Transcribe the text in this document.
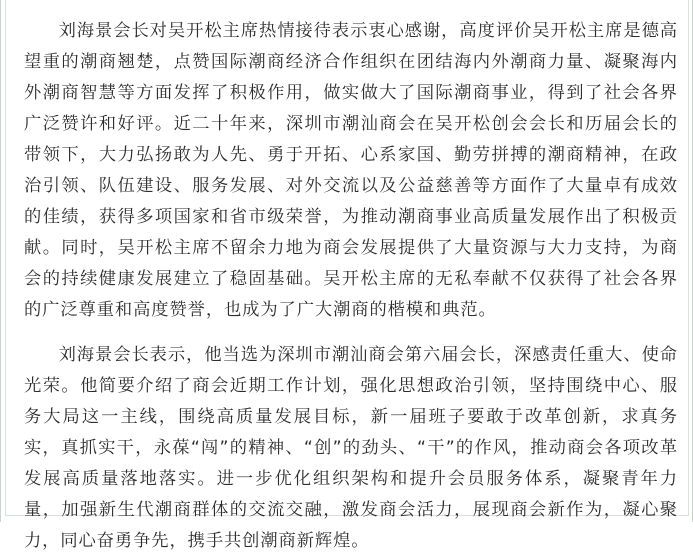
刘海景会长对吴开松主席热情接待表示衷心感谢，高度评价吴开松主席是德高望重的潮商翘楚，点赞国际潮商经济合作组织在团结海内外潮商力量、凝聚海内外潮商智慧等方面发挥了积极作用，做实做大了国际潮商事业，得到了社会各界广泛赞许和好评。近二十年来，深圳市潮汕商会在吴开松创会会长和历届会长的带领下，大力弘扬敢为人先、勇于开拓、心系家国、勤劳拼搏的潮商精神，在政治引领、队伍建设、服务发展、对外交流以及公益慈善等方面作了大量卓有成效的佳绩，获得多项国家和省市级荣誉，为推动潮商事业高质量发展作出了积极贡献。同时，吴开松主席不留余力地为商会发展提供了大量资源与大力支持，为商会的持续健康发展建立了稳固基础。吴开松主席的无私奉献不仅获得了社会各界的广泛尊重和高度赞誉，也成为了广大潮商的楷模和典范。

刘海景会长表示，他当选为深圳市潮汕商会第六届会长，深感责任重大、使命光荣。他简要介绍了商会近期工作计划，强化思想政治引领，坚持围绕中心、服务大局这一主线，围绕高质量发展目标，新一届班子要敢于改革创新，求真务实，真抓实干，永葆“闯”的精神、“创”的劲头、“干”的作风，推动商会各项改革发展高质量落地落实。进一步优化组织架构和提升会员服务体系，凝聚青年力量，加强新生代潮商群体的交流交融，激发商会活力，展现商会新作为，凝心聚力，同心奋勇争先，携手共创潮商新辉煌。
